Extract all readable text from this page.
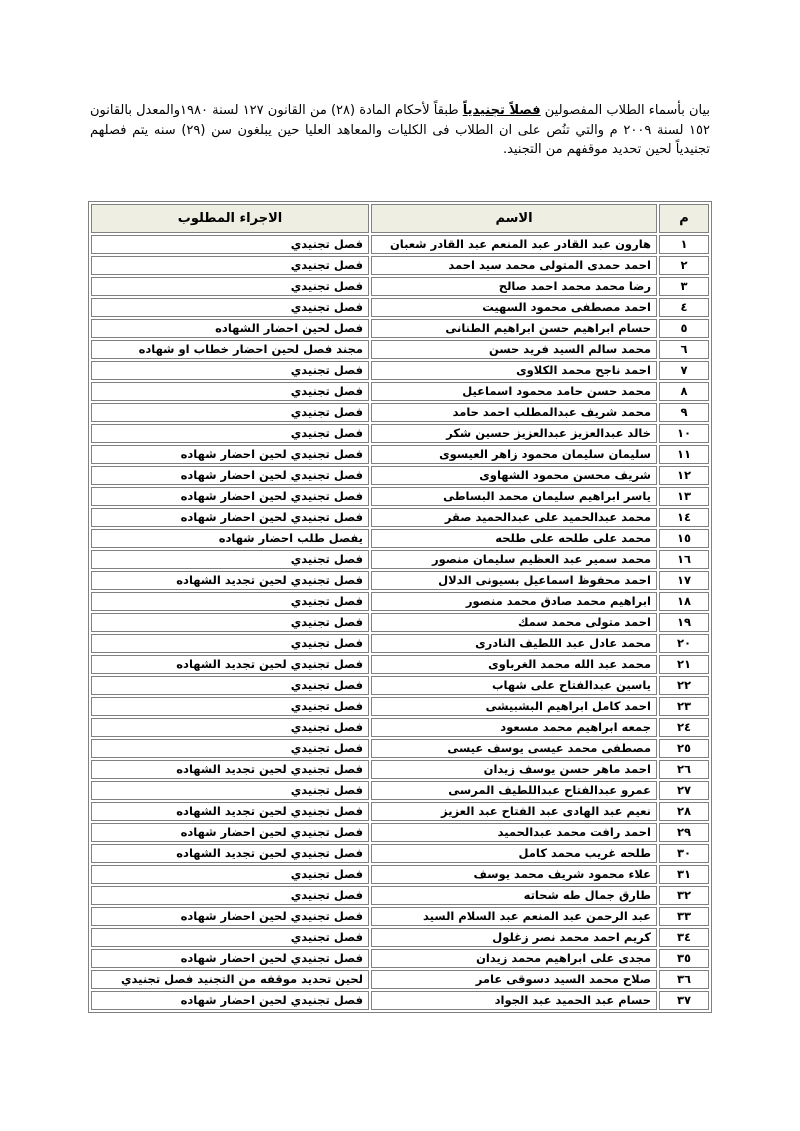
بيان بأسماء الطلاب المفصولين فصلاً تجنيدياً طبقاً لأحكام المادة (٢٨) من القانون ١٢٧ لسنة ١٩٨٠والمعدل بالقانون ١٥٢ لسنة ٢٠٠٩ م والتي تنُص على ان الطلاب فى الكليات والمعاهد العليا حين يبلغون سن (٢٩) سنه يتم فصلهم تجنيدياً لحين تحديد موقفهم من التجنيد.

م	الاسم	الاجراء المطلوب
١	هارون عبد القادر عبد المنعم عبد القادر شعبان	فصل تجنيدي
٢	احمد حمدى المتولى محمد سيد احمد	فصل تجنيدي
٣	رضا محمد محمد احمد صالح	فصل تجنيدي
٤	احمد مصطفى محمود السهيت	فصل تجنيدي
٥	حسام ابراهيم حسن ابراهيم الطنانى	فصل لحين احضار الشهاده
٦	محمد سالم السيد فريد حسن	مجند فصل لحين احضار خطاب او شهاده
٧	احمد ناجح محمد الكلاوى	فصل تجنيدي
٨	محمد حسن حامد محمود اسماعيل	فصل تجنيدي
٩	محمد شريف عبدالمطلب احمد حامد	فصل تجنيدي
١٠	خالد عبدالعزيز عبدالعزيز حسين شكر	فصل تجنيدي
١١	سليمان سليمان محمود زاهر العيسوى	فصل تجنيدي لحين احضار شهاده
١٢	شريف محسن محمود الشهاوى	فصل تجنيدي لحين احضار شهاده
١٣	ياسر ابراهيم سليمان محمد البساطى	فصل تجنيدي لحين احضار شهاده
١٤	محمد عبدالحميد على عبدالحميد صقر	فصل تجنيدي لحين احضار شهاده
١٥	محمد على طلحه على طلحه	يفصل طلب احضار شهاده
١٦	محمد سمير عبد العظيم سليمان منصور	فصل تجنيدي
١٧	احمد محفوظ اسماعيل بسيونى الدلال	فصل تجنيدي لحين تجديد الشهاده
١٨	ابراهيم محمد صادق محمد منصور	فصل تجنيدي
١٩	احمد متولى محمد سمك	فصل تجنيدي
٢٠	محمد عادل عبد اللطيف النادرى	فصل تجنيدي
٢١	محمد عبد الله محمد الغرباوى	فصل تجنيدي لحين تجديد الشهاده
٢٢	ياسين عبدالفتاح على شهاب	فصل تجنيدي
٢٣	احمد كامل ابراهيم البشبيشى	فصل تجنيدي
٢٤	جمعه ابراهيم محمد مسعود	فصل تجنيدي
٢٥	مصطفى محمد عيسى يوسف عيسى	فصل تجنيدي
٢٦	احمد ماهر حسن يوسف زيدان	فصل تجنيدي لحين تجديد الشهاده
٢٧	عمرو عبدالفتاح عبداللطيف المرسى	فصل تجنيدي
٢٨	نعيم عبد الهادى عبد الفتاح عبد العزيز	فصل تجنيدي لحين تجديد الشهاده
٢٩	احمد رافت محمد عبدالحميد	فصل تجنيدي لحين احضار شهاده
٣٠	طلحه غريب محمد كامل	فصل تجنيدي لحين تجديد الشهاده
٣١	علاء محمود شريف محمد يوسف	فصل تجنيدي
٣٢	طارق جمال طه شحاته	فصل تجنيدي
٣٣	عبد الرحمن عبد المنعم عبد السلام السيد	فصل تجنيدي لحين احضار شهاده
٣٤	كريم احمد محمد نصر زغلول	فصل تجنيدي
٣٥	مجدى على ابراهيم محمد زيدان	فصل تجنيدي لحين احضار شهاده
٣٦	صلاح محمد السيد دسوقى عامر	لحين تحديد موقفه من التجنيد فصل تجنيدي
٣٧	حسام عبد الحميد عبد الجواد	فصل تجنيدي لحين احضار شهاده
